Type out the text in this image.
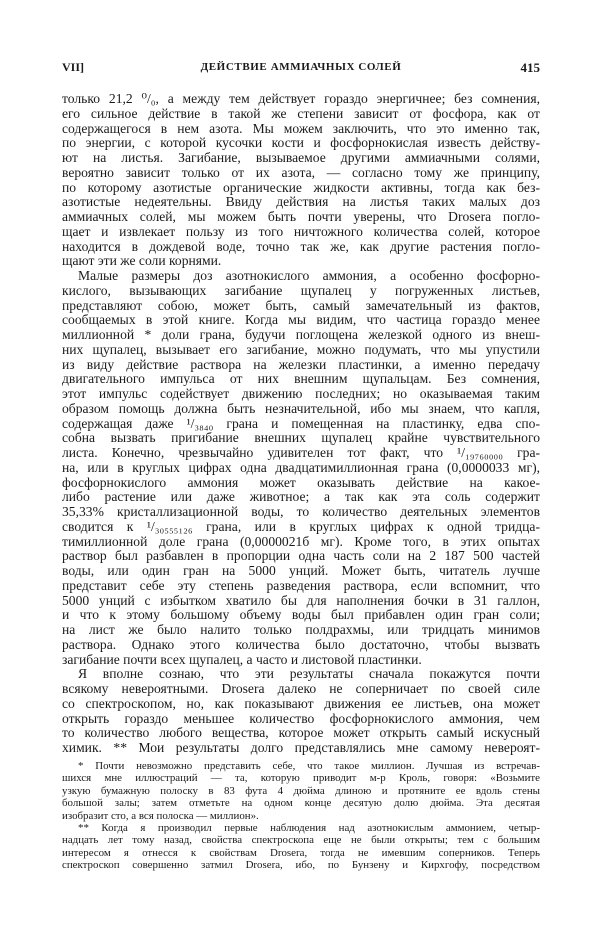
VII]	ДЕЙСТВИЕ АММИАЧНЫХ СОЛЕЙ	415
только 21,2 ⁰/₀, а между тем действует гораздо энергичнее; без сомнения,
его сильное действие в такой же степени зависит от фосфора, как от
содержащегося в нем азота. Мы можем заключить, что это именно так,
по энергии, с которой кусочки кости и фосфорнокислая известь действу-
ют на листья. Загибание, вызываемое другими аммиачными солями,
вероятно зависит только от их азота, — согласно тому же принципу,
по которому азотистые органические жидкости активны, тогда как без-
азотистые недеятельны. Ввиду действия на листья таких малых доз
аммиачных солей, мы можем быть почти уверены, что Drosera погло-
щает и извлекает пользу из того ничтожного количества солей, которое
находится в дождевой воде, точно так же, как другие растения погло-
щают эти же соли корнями.
Малые размеры доз азотнокислого аммония, а особенно фосфорно-
кислого, вызывающих загибание щупалец у погруженных листьев,
представляют собою, может быть, самый замечательный из фактов,
сообщаемых в этой книге. Когда мы видим, что частица гораздо менее
миллионной * доли грана, будучи поглощена железкой одного из внеш-
них щупалец, вызывает его загибание, можно подумать, что мы упустили
из виду действие раствора на железки пластинки, а именно передачу
двигательного импульса от них внешним щупальцам. Без сомнения,
этот импульс содействует движению последних; но оказываемая таким
образом помощь должна быть незначительной, ибо мы знаем, что капля,
содержащая даже ¹/₃₈₄₀ грана и помещенная на пластинку, едва спо-
собна вызвать пригибание внешних щупалец крайне чувствительного
листа. Конечно, чрезвычайно удивителен тот факт, что ¹/₁₉₇₆₀₀₀₀ гра-
на, или в круглых цифрах одна двадцатимиллионная грана (0,0000033 мг),
фосфорнокислого аммония может оказывать действие на какое-
либо растение или даже животное; а так как эта соль содержит
35,33% кристаллизационной воды, то количество деятельных элементов
сводится к ¹/₃₀₅₅₅₁₂₆ грана, или в круглых цифрах к одной тридца-
тимиллионной доле грана (0,0000021б мг). Кроме того, в этих опытах
раствор был разбавлен в пропорции одна часть соли на 2 187 500 частей
воды, или один гран на 5000 унций. Может быть, читатель лучше
представит себе эту степень разведения раствора, если вспомнит, что
5000 унций с избытком хватило бы для наполнения бочки в 31 галлон,
и что к этому большому объему воды был прибавлен один гран соли;
на лист же было налито только полдрахмы, или тридцать минимов
раствора. Однако этого количества было достаточно, чтобы вызвать
загибание почти всех щупалец, а часто и листовой пластинки.
Я вполне сознаю, что эти результаты сначала покажутся почти
всякому невероятными. Drosera далеко не соперничает по своей силе
со спектроскопом, но, как показывают движения ее листьев, она может
открыть гораздо меньшее количество фосфорнокислого аммония, чем
то количество любого вещества, которое может открыть самый искусный
химик. ** Мои результаты долго представлялись мне самому невероят-
* Почти невозможно представить себе, что такое миллион. Лучшая из встречав-
шихся мне иллюстраций — та, которую приводит м-р Кроль, говоря: «Возьмите
узкую бумажную полоску в 83 фута 4 дюйма длиною и протяните ее вдоль стены
большой залы; затем отметьте на одном конце десятую долю дюйма. Эта десятая
изобразит сто, а вся полоска — миллион».
** Когда я производил первые наблюдения над азотнокислым аммонием, четыр-
надцать лет тому назад, свойства спектроскопа еще не были открыты; тем с большим
интересом я отнесся к свойствам Drosera, тогда не имевшим соперников. Теперь
спектроскоп совершенно затмил Drosera, ибо, по Бунзену и Кирхгофу, посредством
